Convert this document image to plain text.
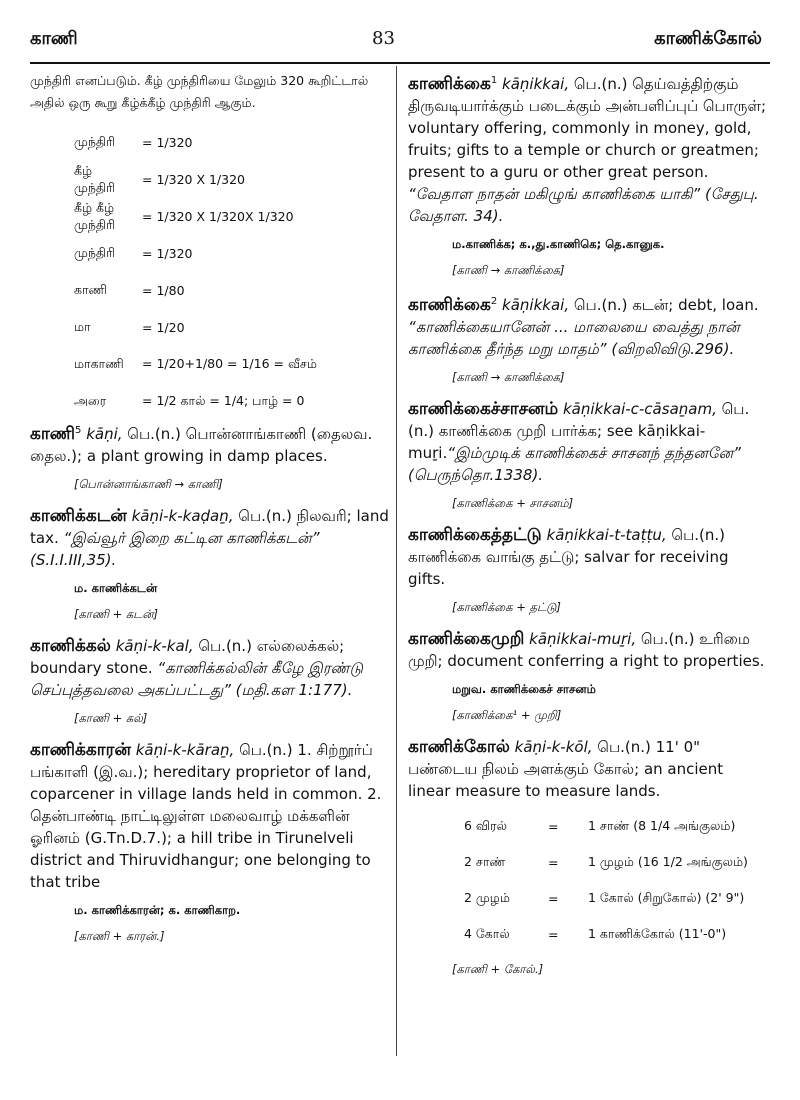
காணி	83	காணிக்கோல்

முந்திரி எனப்படும். கீழ் முந்திரியை மேலும் 320 கூறிட்டால் அதில் ஒரு கூறு கீழ்க்கீழ் முந்திரி ஆகும்.

முந்திரி	= 1/320
கீழ் முந்திரி	= 1/320 X 1/320
கீழ் கீழ் முந்திரி	= 1/320 X 1/320X 1/320
முந்திரி	= 1/320
காணி	= 1/80
மா	= 1/20
மாகாணி	= 1/20+1/80 = 1/16 = வீசம்
அரை	= 1/2 கால் = 1/4; பாழ் = 0
காணி$^5$ kāṇi, பெ.(n.) பொன்னாங்காணி (தைலவ. தைல.); a plant growing in damp places.
[பொன்னாங்காணி → காணி]
காணிக்கடன் kāṇi-k-kaḍaṉ, பெ.(n.) நிலவரி; land tax. “இவ்வூர் இறை கட்டின காணிக்கடன்” (S.I.I.III,35).
ம. காணிக்கடன்
[காணி + கடன்]
காணிக்கல் kāṇi-k-kal, பெ.(n.) எல்லைக்கல்; boundary stone. “காணிக்கல்லின் கீழே இரண்டு செப்புத்தவலை அகப்பட்டது” (மதி.கள 1:177).
[காணி + கல்]
காணிக்காரன் kāṇi-k-kāraṉ, பெ.(n.) 1. சிற்றூர்ப் பங்காளி (இ.வ.); hereditary proprietor of land, coparcener in village lands held in common. 2. தென்பாண்டி நாட்டிலுள்ள மலைவாழ் மக்களின் ஓரினம் (G.Tn.D.7.); a hill tribe in Tirunelveli district and Thiruvidhangur; one belonging to that tribe
ம. காணிக்காரன்; க. காணிகாற.
[காணி + காரன்.]
காணிக்கை$^1$ kāṇikkai, பெ.(n.) தெய்வத்திற்கும் திருவடியார்க்கும் படைக்கும் அன்பளிப்புப் பொருள்; voluntary offering, commonly in money, gold, fruits; gifts to a temple or church or greatmen; present to a guru or other great person. “வேதாள நாதன் மகிழுங் காணிக்கை யாகி” (சேதுபு. வேதாள. 34).
ம.காணிக்க; க.,து.காணிகெ; தெ.கானுக.
[காணி → காணிக்கை]
காணிக்கை$^2$ kāṇikkai, பெ.(n.) கடன்; debt, loan. “காணிக்கையானேன் ... மாலையை வைத்து நான் காணிக்கை தீர்ந்த மறு மாதம்” (விறலிவிடு.296).
[காணி → காணிக்கை]
காணிக்கைச்சாசனம் kāṇikkai-c-cāsaṉam, பெ.(n.) காணிக்கை முறி பார்க்க; see kāṇikkai-muṟi.“இம்முடிக் காணிக்கைச் சாசனந் தந்தனனே” (பெருந்தொ.1338).
[காணிக்கை + சாசனம்]
காணிக்கைத்தட்டு kāṇikkai-t-taṭṭu, பெ.(n.) காணிக்கை வாங்கு தட்டு; salvar for receiving gifts.
[காணிக்கை + தட்டு]
காணிக்கைமுறி kāṇikkai-muṟi, பெ.(n.) உரிமை முறி; document conferring a right to properties.
மறுவ. காணிக்கைச் சாசனம்
[காணிக்கை¹ + முறி]
காணிக்கோல் kāṇi-k-kōl, பெ.(n.) 11' 0" பண்டைய நிலம் அளக்கும் கோல்; an ancient linear measure to measure lands.
6 விரல்	=	1 சாண் (8 1/4 அங்குலம்)
2 சாண்	=	1 முழம் (16 1/2 அங்குலம்)
2 முழம்	=	1 கோல் (சிறுகோல்) (2' 9")
4 கோல்	=	1 காணிக்கோல் (11'-0")
[காணி + கோல்.]
